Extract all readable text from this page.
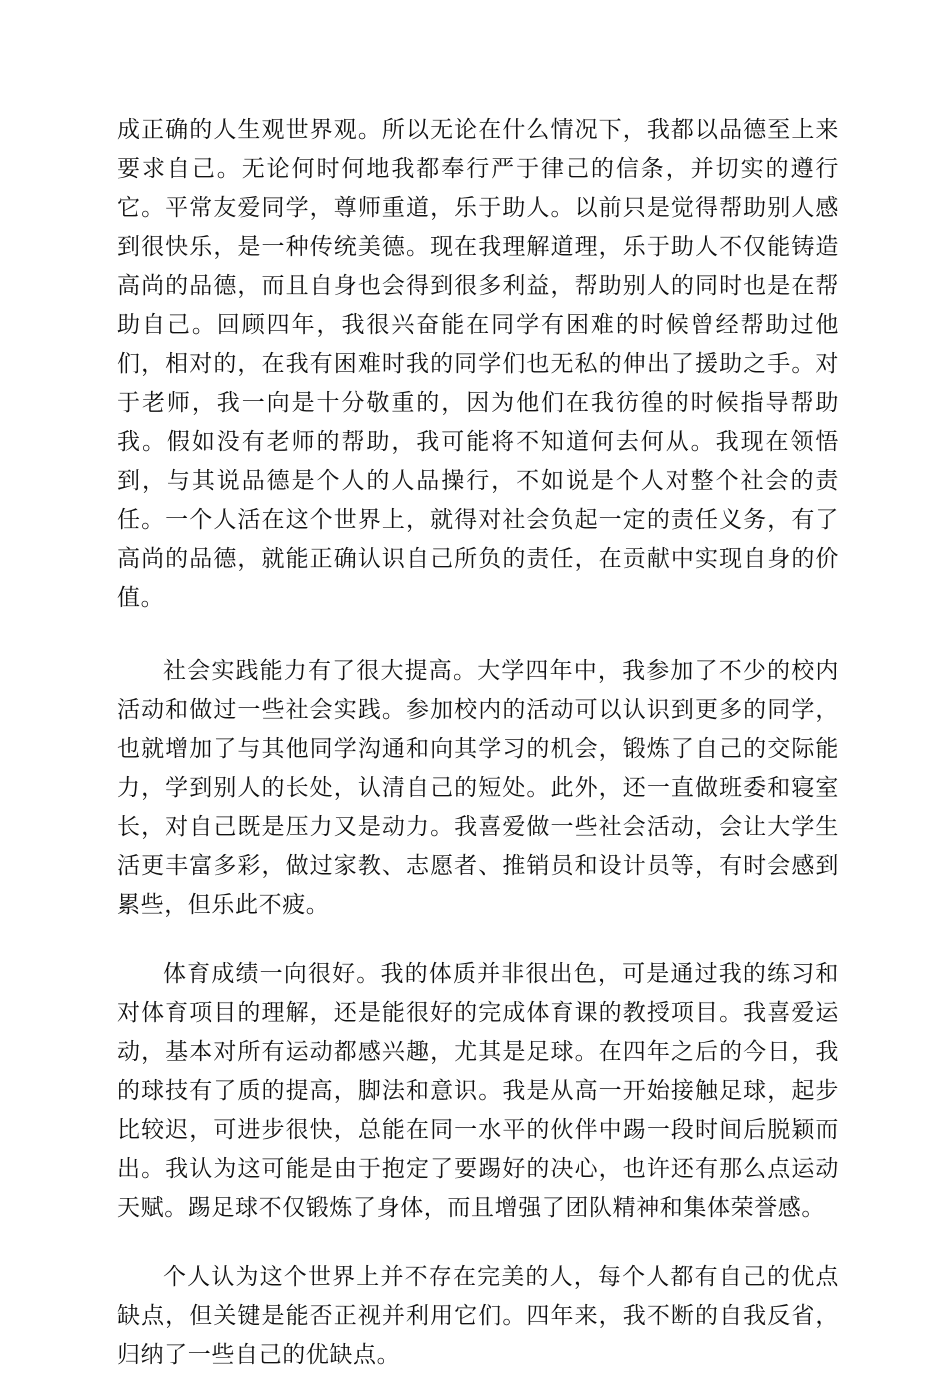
成正确的人生观世界观。所以无论在什么情况下，我都以品德至上来要求自己。无论何时何地我都奉行严于律己的信条，并切实的遵行它。平常友爱同学，尊师重道，乐于助人。以前只是觉得帮助别人感到很快乐，是一种传统美德。现在我理解道理，乐于助人不仅能铸造高尚的品德，而且自身也会得到很多利益，帮助别人的同时也是在帮助自己。回顾四年，我很兴奋能在同学有困难的时候曾经帮助过他们，相对的，在我有困难时我的同学们也无私的伸出了援助之手。对于老师，我一向是十分敬重的，因为他们在我彷徨的时候指导帮助我。假如没有老师的帮助，我可能将不知道何去何从。我现在领悟到，与其说品德是个人的人品操行，不如说是个人对整个社会的责任。一个人活在这个世界上，就得对社会负起一定的责任义务，有了高尚的品德，就能正确认识自己所负的责任，在贡献中实现自身的价值。

社会实践能力有了很大提高。大学四年中，我参加了不少的校内活动和做过一些社会实践。参加校内的活动可以认识到更多的同学，也就增加了与其他同学沟通和向其学习的机会，锻炼了自己的交际能力，学到别人的长处，认清自己的短处。此外，还一直做班委和寝室长，对自己既是压力又是动力。我喜爱做一些社会活动，会让大学生活更丰富多彩，做过家教、志愿者、推销员和设计员等，有时会感到累些，但乐此不疲。

体育成绩一向很好。我的体质并非很出色，可是通过我的练习和对体育项目的理解，还是能很好的完成体育课的教授项目。我喜爱运动，基本对所有运动都感兴趣，尤其是足球。在四年之后的今日，我的球技有了质的提高，脚法和意识。我是从高一开始接触足球，起步比较迟，可进步很快，总能在同一水平的伙伴中踢一段时间后脱颖而出。我认为这可能是由于抱定了要踢好的决心，也许还有那么点运动天赋。踢足球不仅锻炼了身体，而且增强了团队精神和集体荣誉感。

个人认为这个世界上并不存在完美的人，每个人都有自己的优点缺点，但关键是能否正视并利用它们。四年来，我不断的自我反省，归纳了一些自己的优缺点。
